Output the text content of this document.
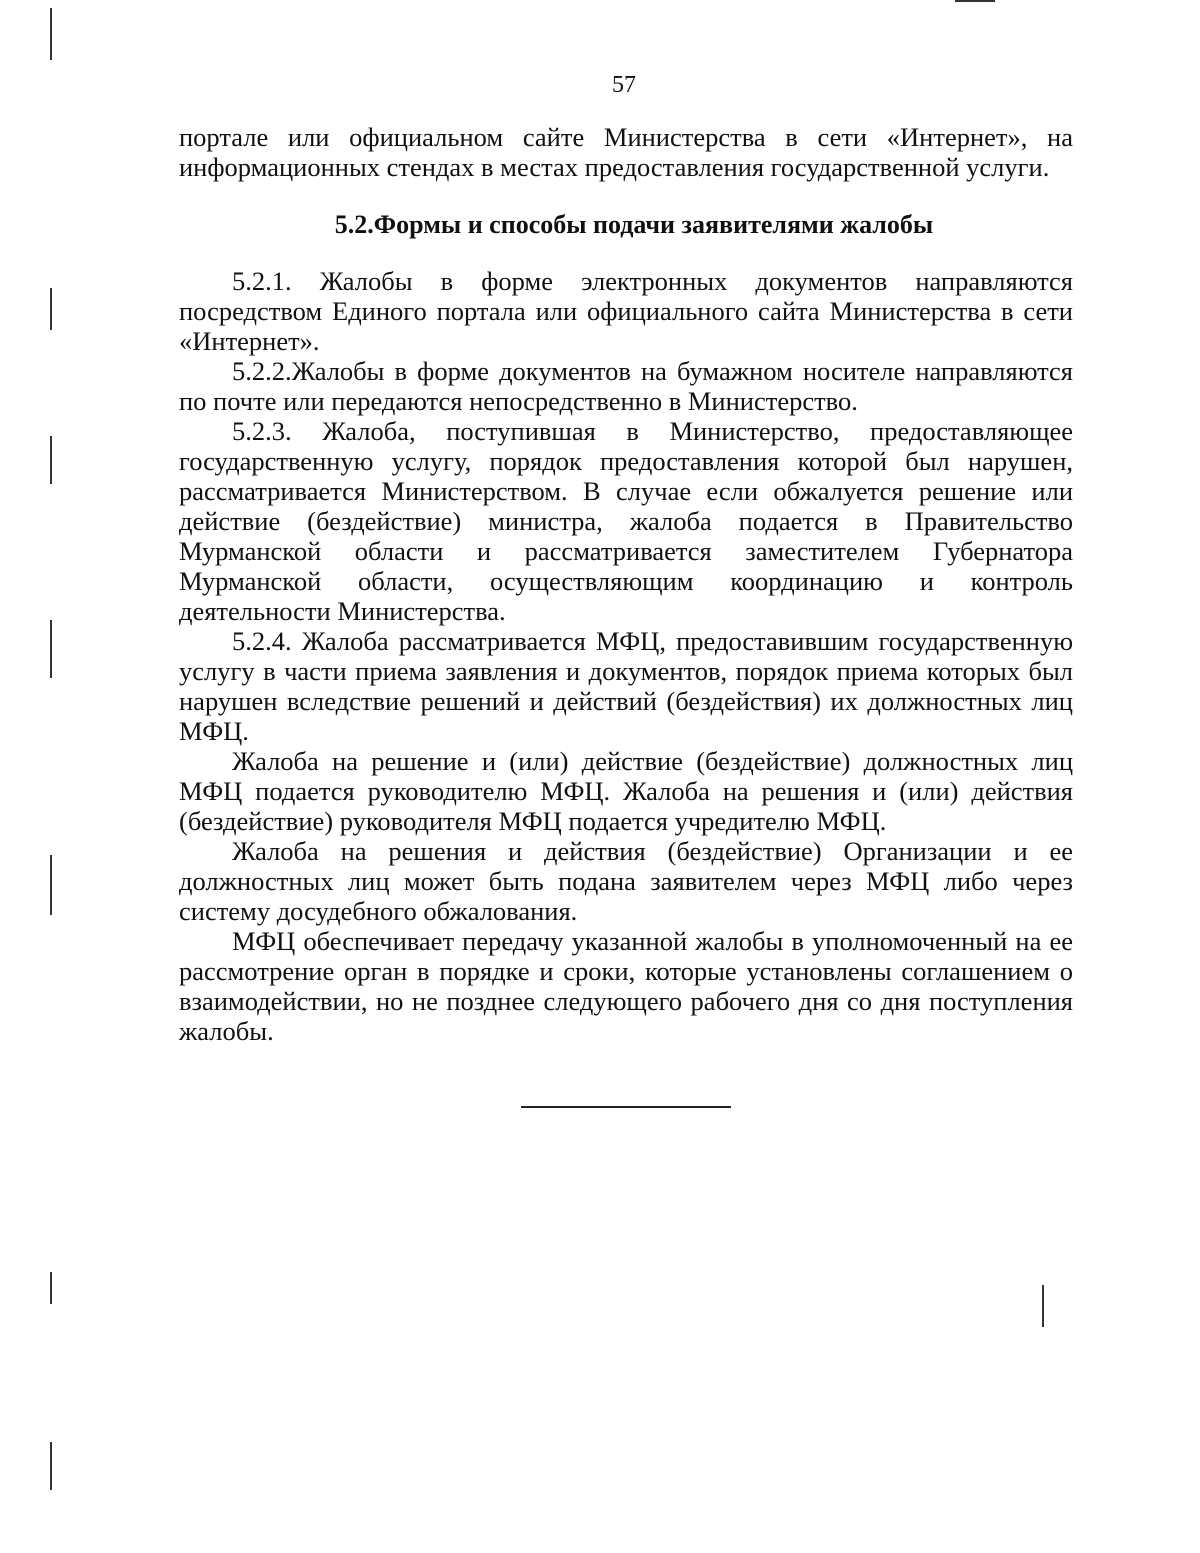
57

портале или официальном сайте Министерства в сети «Интернет», на информационных стендах в местах предоставления государственной услуги.

5.2.Формы и способы подачи заявителями жалобы

5.2.1. Жалобы в форме электронных документов направляются посредством Единого портала или официального сайта Министерства в сети «Интернет».

5.2.2.Жалобы в форме документов на бумажном носителе направляются по почте или передаются непосредственно в Министерство.

5.2.3. Жалоба, поступившая в Министерство, предоставляющее государственную услугу, порядок предоставления которой был нарушен, рассматривается Министерством. В случае если обжалуется решение или действие (бездействие) министра, жалоба подается в Правительство Мурманской области и рассматривается заместителем Губернатора Мурманской области, осуществляющим координацию и контроль деятельности Министерства.

5.2.4. Жалоба рассматривается МФЦ, предоставившим государственную услугу в части приема заявления и документов, порядок приема которых был нарушен вследствие решений и действий (бездействия) их должностных лиц МФЦ.

Жалоба на решение и (или) действие (бездействие) должностных лиц МФЦ подается руководителю МФЦ. Жалоба на решения и (или) действия (бездействие) руководителя МФЦ подается учредителю МФЦ.

Жалоба на решения и действия (бездействие) Организации и ее должностных лиц может быть подана заявителем через МФЦ либо через систему досудебного обжалования.

МФЦ обеспечивает передачу указанной жалобы в уполномоченный на ее рассмотрение орган в порядке и сроки, которые установлены соглашением о взаимодействии, но не позднее следующего рабочего дня со дня поступления жалобы.
